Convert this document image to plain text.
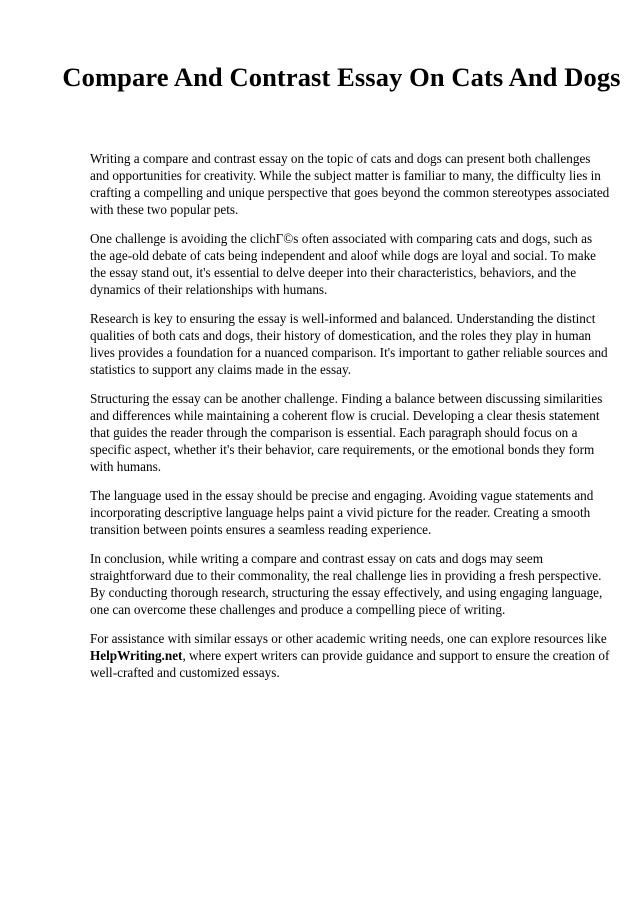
Compare And Contrast Essay On Cats And Dogs

Writing a compare and contrast essay on the topic of cats and dogs can present both challenges and opportunities for creativity. While the subject matter is familiar to many, the difficulty lies in crafting a compelling and unique perspective that goes beyond the common stereotypes associated with these two popular pets.

One challenge is avoiding the clichГ©s often associated with comparing cats and dogs, such as the age-old debate of cats being independent and aloof while dogs are loyal and social. To make the essay stand out, it's essential to delve deeper into their characteristics, behaviors, and the dynamics of their relationships with humans.

Research is key to ensuring the essay is well-informed and balanced. Understanding the distinct qualities of both cats and dogs, their history of domestication, and the roles they play in human lives provides a foundation for a nuanced comparison. It's important to gather reliable sources and statistics to support any claims made in the essay.

Structuring the essay can be another challenge. Finding a balance between discussing similarities and differences while maintaining a coherent flow is crucial. Developing a clear thesis statement that guides the reader through the comparison is essential. Each paragraph should focus on a specific aspect, whether it's their behavior, care requirements, or the emotional bonds they form with humans.

The language used in the essay should be precise and engaging. Avoiding vague statements and incorporating descriptive language helps paint a vivid picture for the reader. Creating a smooth transition between points ensures a seamless reading experience.

In conclusion, while writing a compare and contrast essay on cats and dogs may seem straightforward due to their commonality, the real challenge lies in providing a fresh perspective. By conducting thorough research, structuring the essay effectively, and using engaging language, one can overcome these challenges and produce a compelling piece of writing.

For assistance with similar essays or other academic writing needs, one can explore resources like HelpWriting.net, where expert writers can provide guidance and support to ensure the creation of well-crafted and customized essays.
